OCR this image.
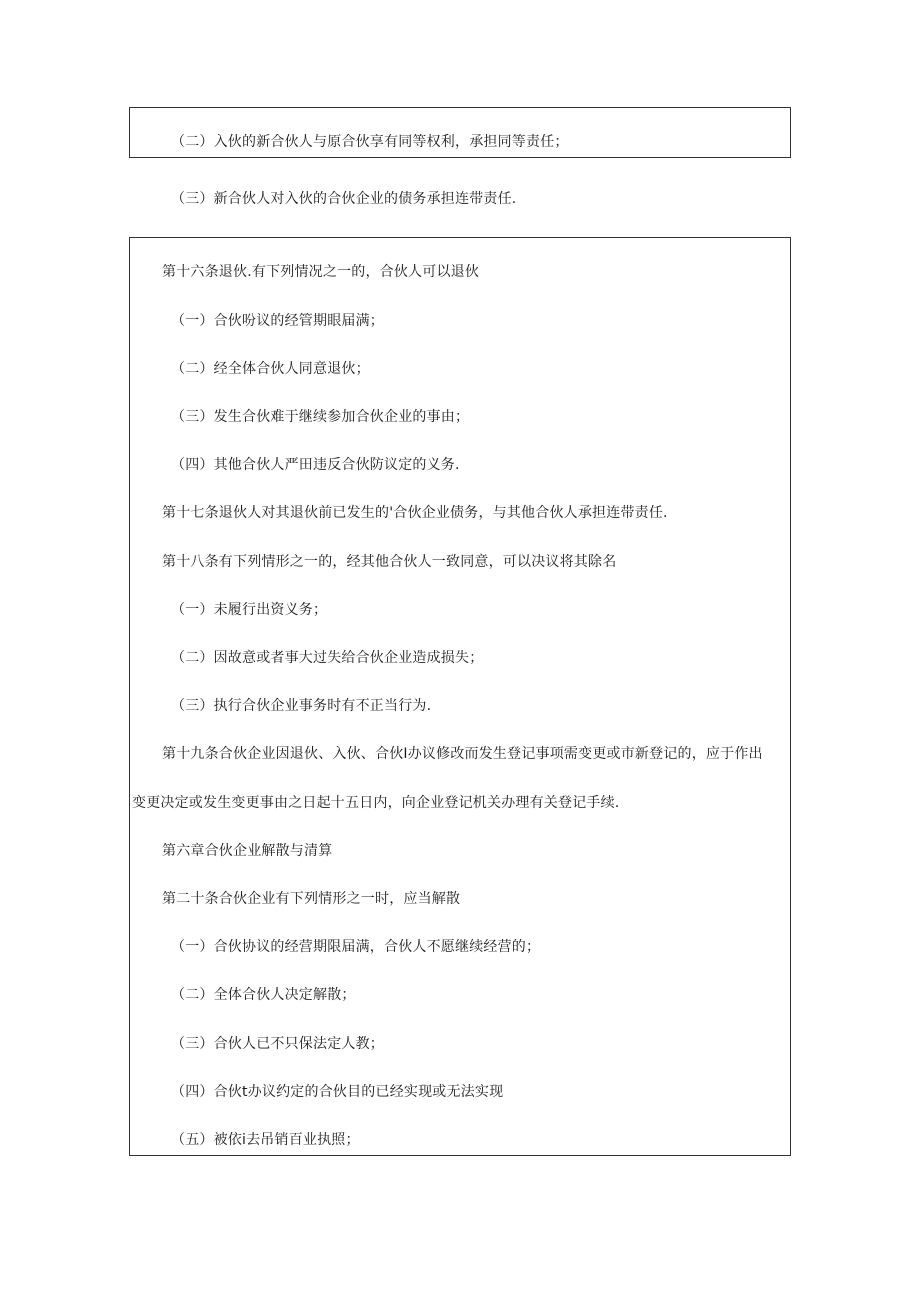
（二）入伙的新合伙人与原合伙享有同等权利，承担同等责任；
（三）新合伙人对入伙的合伙企业的债务承担连带责任.
第十六条退伙.有下列情况之一的，合伙人可以退伙
（一）合伙吩议的经管期眼届满；
（二）经全体合伙人同意退伙；
（三）发生合伙难于继续参加合伙企业的事由；
（四）其他合伙人严田违反合伙防议定的义务.
第十七条退伙人对其退伙前已发生的'合伙企业债务，与其他合伙人承担连带责任.
第十八条有下列情形之一的，经其他合伙人一致同意，可以决议将其除名
（一）未履行出资义务；
（二）因故意或者事大过失给合伙企业造成损失；
（三）执行合伙企业事务时有不正当行为.
第十九条合伙企业因退伙、入伙、合伙I办议修改而发生登记事项需变更或市新登记的，应于作出
变更决定或发生变更事由之日起十五日内，向企业登记机关办理有关登记手续.
第六章合伙企业解散与清算
第二十条合伙企业有下列情形之一时，应当解散
（一）合伙协议的经营期限届满，合伙人不愿继续经营的；
（二）全体合伙人决定解散；
（三）合伙人已不只保法定人教；
（四）合伙t办议约定的合伙目的已经实现或无法实现
（五）被依i去吊销百业执照；
